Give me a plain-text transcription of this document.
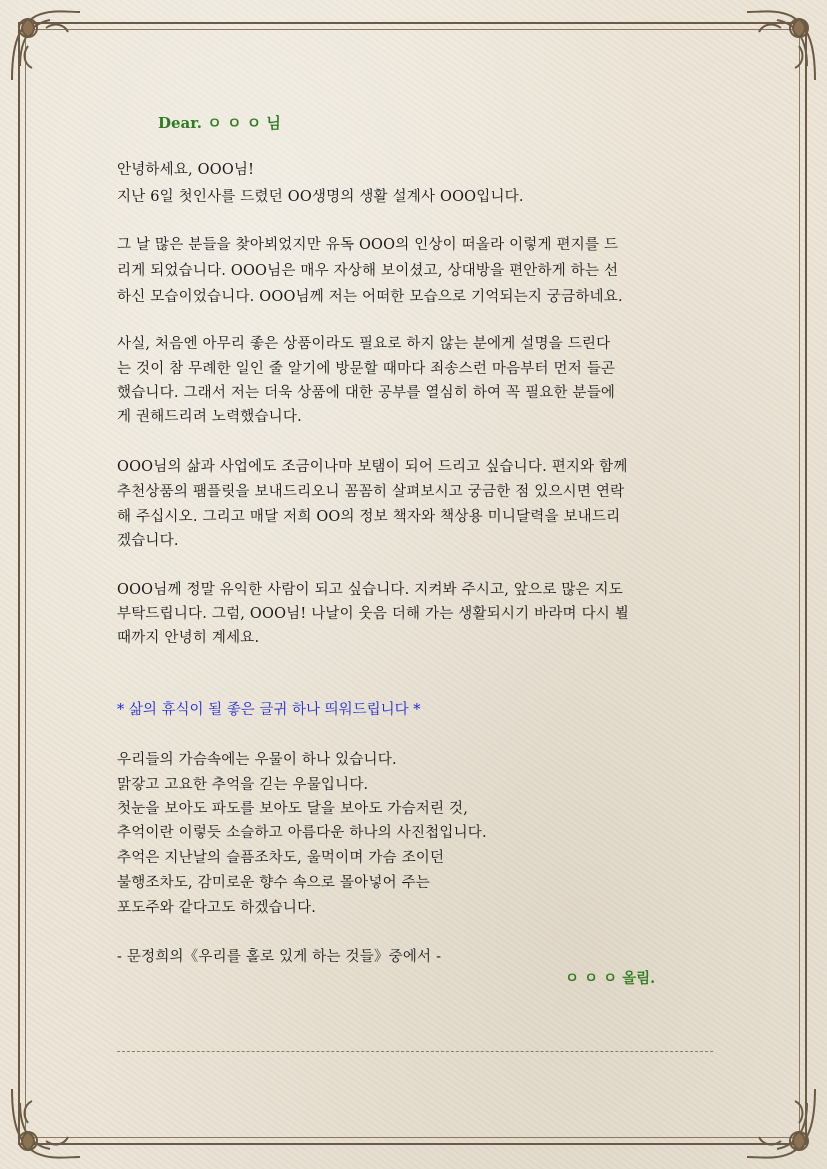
Dear. ㅇ ㅇ ㅇ 님

안녕하세요, OOO님!

지난 6일 첫인사를 드렸던 OO생명의 생활 설계사 OOO입니다.

그 날 많은 분들을 찾아뵈었지만 유독 OOO의 인상이 떠올라 이렇게 편지를 드

리게 되었습니다. OOO님은 매우 자상해 보이셨고, 상대방을 편안하게 하는 선

하신 모습이었습니다. OOO님께 저는 어떠한 모습으로 기억되는지 궁금하네요.

사실, 처음엔 아무리 좋은 상품이라도 필요로 하지 않는 분에게 설명을 드린다

는 것이 참 무례한 일인 줄 알기에 방문할 때마다 죄송스런 마음부터 먼저 들곤

했습니다. 그래서 저는 더욱 상품에 대한 공부를 열심히 하여 꼭 필요한 분들에

게 권해드리려 노력했습니다.

OOO님의 삶과 사업에도 조금이나마 보탬이 되어 드리고 싶습니다. 편지와 함께

추천상품의 팸플릿을 보내드리오니 꼼꼼히 살펴보시고 궁금한 점 있으시면 연락

해 주십시오. 그리고 매달 저희 OO의 정보 책자와 책상용 미니달력을 보내드리

겠습니다.

OOO님께 정말 유익한 사람이 되고 싶습니다. 지켜봐 주시고, 앞으로 많은 지도

부탁드립니다. 그럼, OOO님! 나날이 웃음 더해 가는 생활되시기 바라며 다시 뵐

때까지 안녕히 계세요.

* 삶의 휴식이 될 좋은 글귀 하나 띄워드립니다 *

우리들의 가슴속에는 우물이 하나 있습니다.

맑갛고 고요한 추억을 긷는 우물입니다.

첫눈을 보아도 파도를 보아도 달을 보아도 가슴저린 것,

추억이란 이렇듯 소슬하고 아름다운 하나의 사진첩입니다.

추억은 지난날의 슬픔조차도, 울먹이며 가슴 조이던

불행조차도, 감미로운 향수 속으로 몰아넣어 주는

포도주와 같다고도 하겠습니다.

- 문정희의《우리를 홀로 있게 하는 것들》중에서 -

ㅇ ㅇ ㅇ 올림.
